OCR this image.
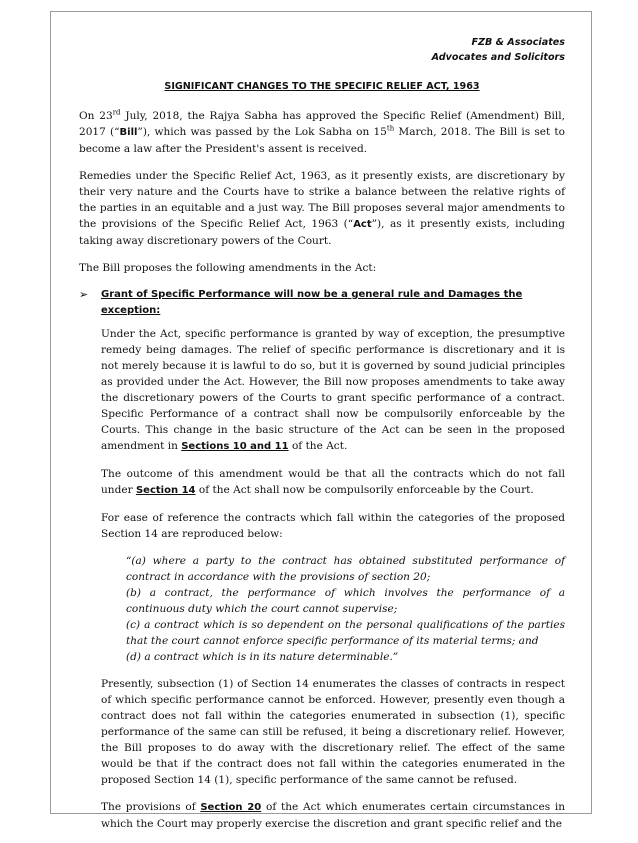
FZB & Associates
Advocates and Solicitors
SIGNIFICANT CHANGES TO THE SPECIFIC RELIEF ACT, 1963

On 23rd July, 2018, the Rajya Sabha has approved the Specific Relief (Amendment) Bill, 2017 (“Bill”), which was passed by the Lok Sabha on 15th March, 2018. The Bill is set to become a law after the President's assent is received.

Remedies under the Specific Relief Act, 1963, as it presently exists, are discretionary by their very nature and the Courts have to strike a balance between the relative rights of the parties in an equitable and a just way. The Bill proposes several major amendments to the provisions of the Specific Relief Act, 1963 (“Act”), as it presently exists, including taking away discretionary powers of the Court.

The Bill proposes the following amendments in the Act:

➢	Grant of Specific Performance will now be a general rule and Damages the exception:

Under the Act, specific performance is granted by way of exception, the presumptive remedy being damages. The relief of specific performance is discretionary and it is not merely because it is lawful to do so, but it is governed by sound judicial principles as provided under the Act. However, the Bill now proposes amendments to take away the discretionary powers of the Courts to grant specific performance of a contract. Specific Performance of a contract shall now be compulsorily enforceable by the Courts. This change in the basic structure of the Act can be seen in the proposed amendment in Sections 10 and 11 of the Act.

The outcome of this amendment would be that all the contracts which do not fall under Section 14 of the Act shall now be compulsorily enforceable by the Court.

For ease of reference the contracts which fall within the categories of the proposed Section 14 are reproduced below:

“(a) where a party to the contract has obtained substituted performance of contract in accordance with the provisions of section 20;
(b) a contract, the performance of which involves the performance of a continuous duty which the court cannot supervise;
(c) a contract which is so dependent on the personal qualifications of the parties that the court cannot enforce specific performance of its material terms; and
(d) a contract which is in its nature determinable.”

Presently, subsection (1) of Section 14 enumerates the classes of contracts in respect of which specific performance cannot be enforced. However, presently even though a contract does not fall within the categories enumerated in subsection (1), specific performance of the same can still be refused, it being a discretionary relief. However, the Bill proposes to do away with the discretionary relief. The effect of the same would be that if the contract does not fall within the categories enumerated in the proposed Section 14 (1), specific performance of the same cannot be refused.

The provisions of Section 20 of the Act which enumerates certain circumstances in which the Court may properly exercise the discretion and grant specific relief and the
